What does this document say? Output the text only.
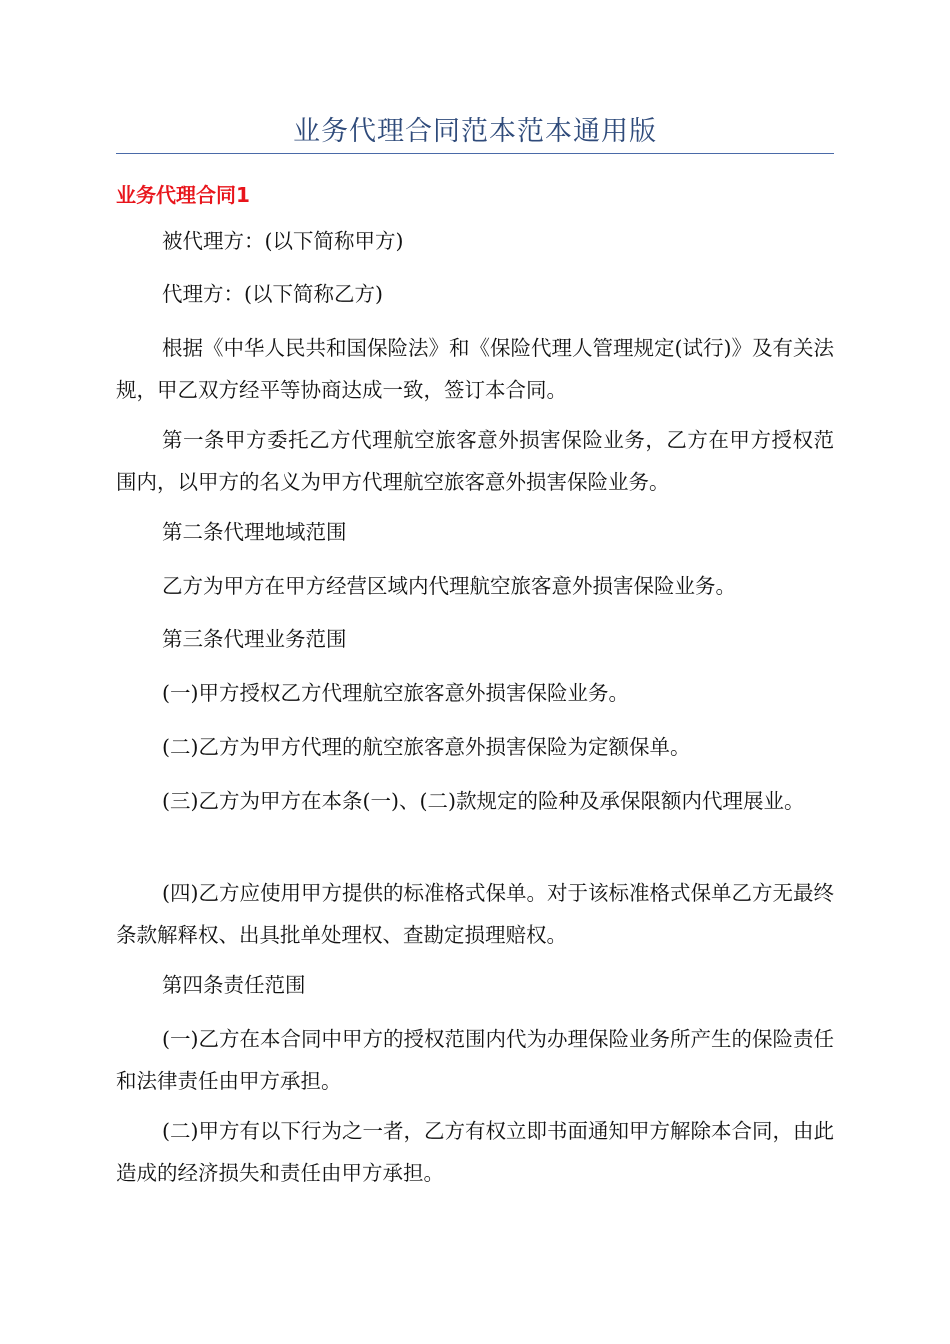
业务代理合同范本范本通用版
业务代理合同1

被代理方：(以下简称甲方)

代理方：(以下简称乙方)

根据《中华人民共和国保险法》和《保险代理人管理规定(试行)》及有关法规，甲乙双方经平等协商达成一致，签订本合同。

第一条甲方委托乙方代理航空旅客意外损害保险业务，乙方在甲方授权范围内，以甲方的名义为甲方代理航空旅客意外损害保险业务。

第二条代理地域范围

乙方为甲方在甲方经营区域内代理航空旅客意外损害保险业务。

第三条代理业务范围

(一)甲方授权乙方代理航空旅客意外损害保险业务。

(二)乙方为甲方代理的航空旅客意外损害保险为定额保单。

(三)乙方为甲方在本条(一)、(二)款规定的险种及承保限额内代理展业。

(四)乙方应使用甲方提供的标准格式保单。对于该标准格式保单乙方无最终条款解释权、出具批单处理权、查勘定损理赔权。

第四条责任范围

(一)乙方在本合同中甲方的授权范围内代为办理保险业务所产生的保险责任和法律责任由甲方承担。

(二)甲方有以下行为之一者，乙方有权立即书面通知甲方解除本合同，由此造成的经济损失和责任由甲方承担。
